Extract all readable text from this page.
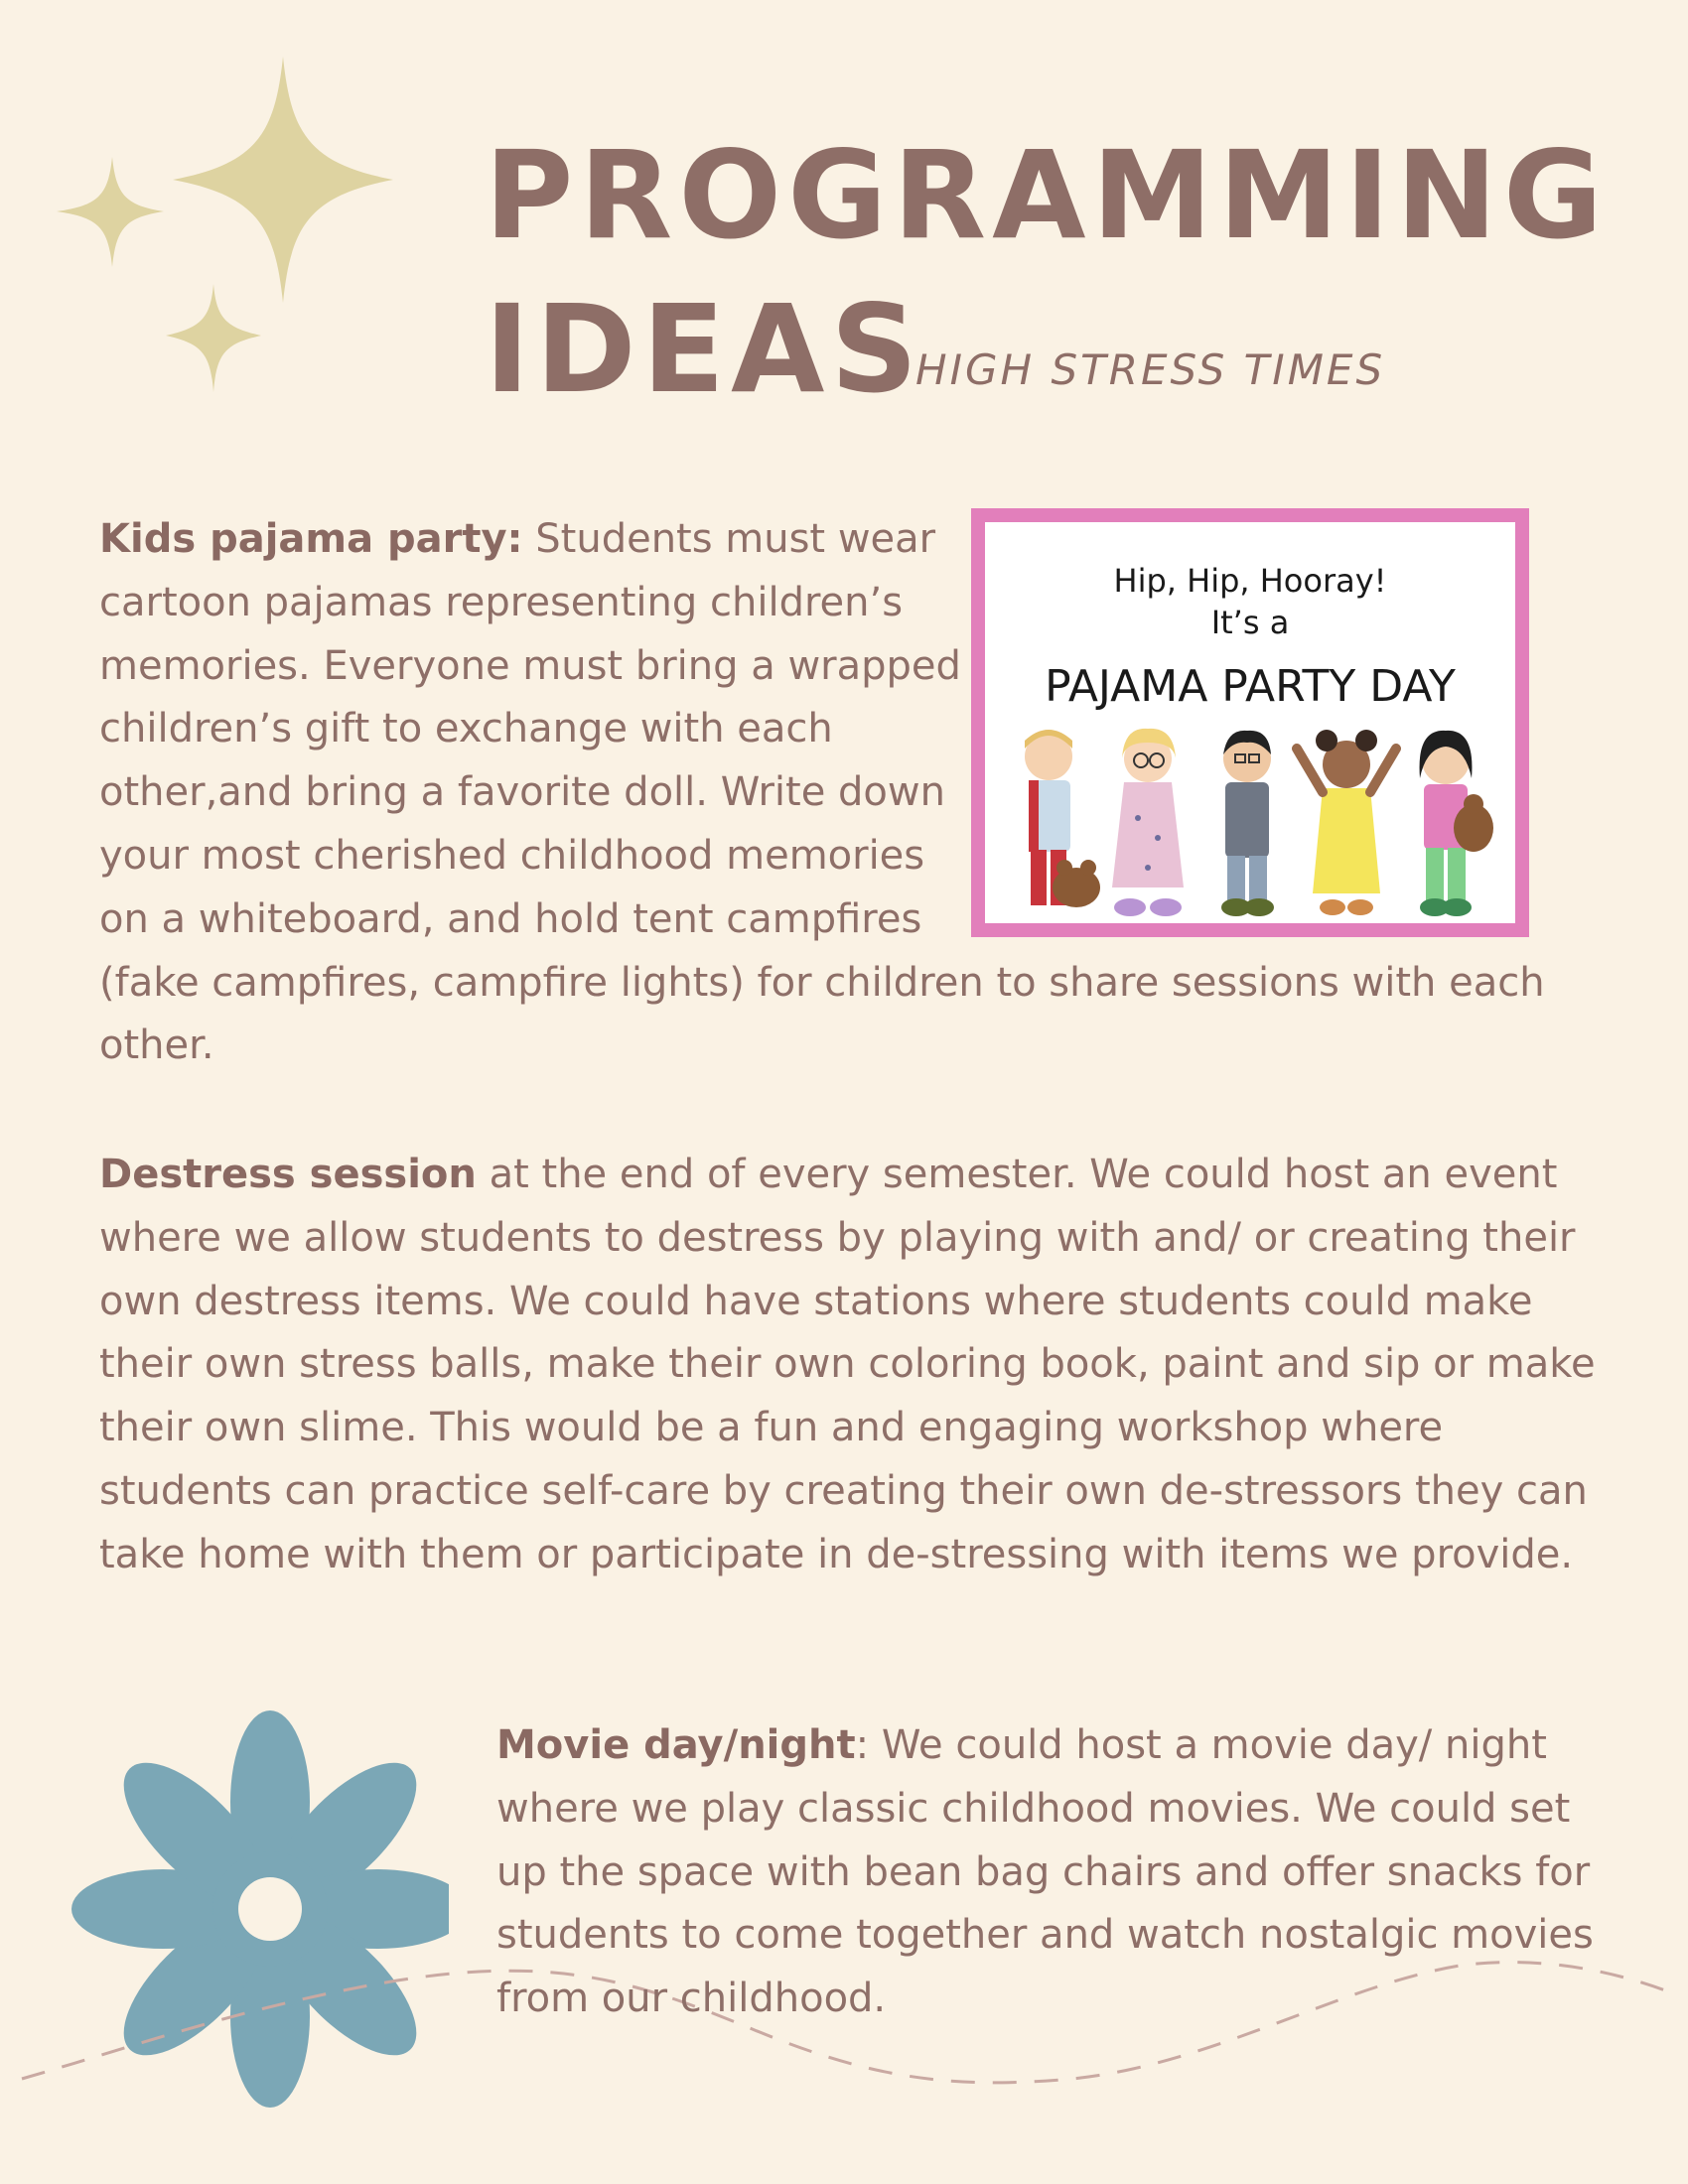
PROGRAMMING
IDEAS
HIGH STRESS TIMES

Hip, Hip, Hooray!
It’s a
PAJAMA PARTY DAY
Kids pajama party: Students must wear cartoon pajamas representing children’s memories. Everyone must bring a wrapped children’s gift to exchange with each other,and bring a favorite doll. Write down your most cherished childhood memories on a whiteboard, and hold tent campfires (fake campfires, campfire lights) for children to share sessions with each other.

Destress session at the end of every semester. We could host an event where we allow students to destress by playing with and/ or creating their own destress items. We could have stations where students could make their own stress balls, make their own coloring book, paint and sip or make their own slime. This would be a fun and engaging workshop where students can practice self-care by creating their own de-stressors they can take home with them or participate in de-stressing with items we provide.

Movie day/night: We could host a movie day/ night where we play classic childhood movies. We could set up the space with bean bag chairs and offer snacks for students to come together and watch nostalgic movies from our childhood.
